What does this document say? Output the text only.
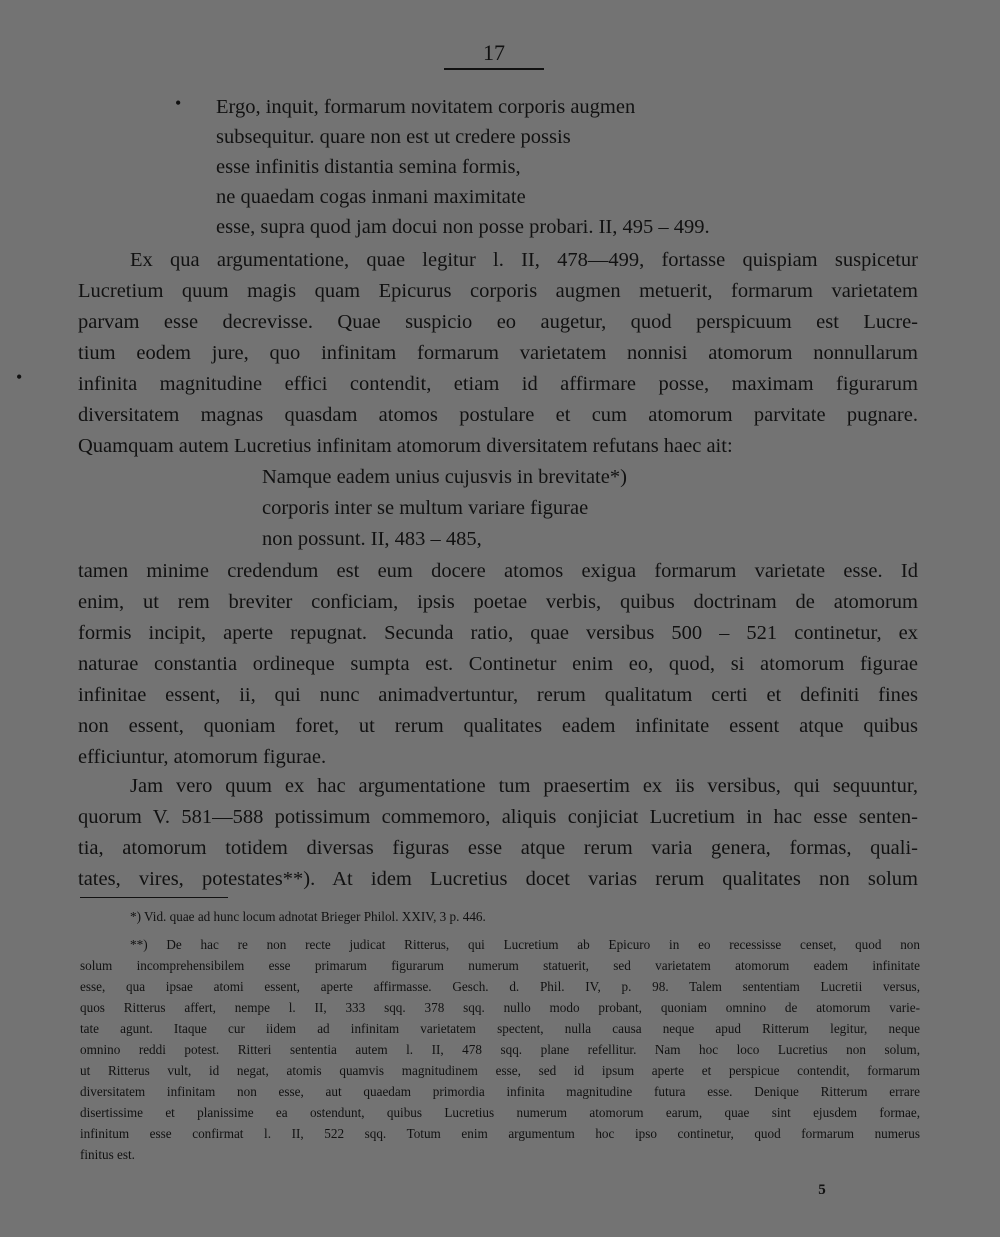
17
• Ergo, inquit, formarum novitatem corporis augmen
subsequitur. quare non est ut credere possis
esse infinitis distantia semina formis,
ne quaedam cogas inmani maximitate
esse, supra quod jam docui non posse probari. II, 495 – 499.
Ex qua argumentatione, quae legitur l. II, 478—499, fortasse quispiam suspicetur
Lucretium quum magis quam Epicurus corporis augmen metuerit, formarum varietatem
parvam esse decrevisse. Quae suspicio eo augetur, quod perspicuum est Lucre-
tium eodem jure, quo infinitam formarum varietatem nonnisi atomorum nonnullarum
infinita magnitudine effici contendit, etiam id affirmare posse, maximam figurarum
diversitatem magnas quasdam atomos postulare et cum atomorum parvitate pugnare.
Quamquam autem Lucretius infinitam atomorum diversitatem refutans haec ait:
•
Namque eadem unius cujusvis in brevitate*)
corporis inter se multum variare figurae
non possunt. II, 483 – 485,
tamen minime credendum est eum docere atomos exigua formarum varietate esse. Id
enim, ut rem breviter conficiam, ipsis poetae verbis, quibus doctrinam de atomorum
formis incipit, aperte repugnat. Secunda ratio, quae versibus 500 – 521 continetur, ex
naturae constantia ordineque sumpta est. Continetur enim eo, quod, si atomorum figurae
infinitae essent, ii, qui nunc animadvertuntur, rerum qualitatum certi et definiti fines
non essent, quoniam foret, ut rerum qualitates eadem infinitate essent atque quibus
efficiuntur, atomorum figurae.
Jam vero quum ex hac argumentatione tum praesertim ex iis versibus, qui sequuntur,
quorum V. 581—588 potissimum commemoro, aliquis conjiciat Lucretium in hac esse senten-
tia, atomorum totidem diversas figuras esse atque rerum varia genera, formas, quali-
tates, vires, potestates**). At idem Lucretius docet varias rerum qualitates non solum
*) Vid. quae ad hunc locum adnotat Brieger Philol. XXIV, 3 p. 446.
**) De hac re non recte judicat Ritterus, qui Lucretium ab Epicuro in eo recessisse censet, quod non
solum incomprehensibilem esse primarum figurarum numerum statuerit, sed varietatem atomorum eadem infinitate
esse, qua ipsae atomi essent, aperte affirmasse. Gesch. d. Phil. IV, p. 98. Talem sententiam Lucretii versus,
quos Ritterus affert, nempe l. II, 333 sqq. 378 sqq. nullo modo probant, quoniam omnino de atomorum varie-
tate agunt. Itaque cur iidem ad infinitam varietatem spectent, nulla causa neque apud Ritterum legitur, neque
omnino reddi potest. Ritteri sententia autem l. II, 478 sqq. plane refellitur. Nam hoc loco Lucretius non solum,
ut Ritterus vult, id negat, atomis quamvis magnitudinem esse, sed id ipsum aperte et perspicue contendit, formarum
diversitatem infinitam non esse, aut quaedam primordia infinita magnitudine futura esse. Denique Ritterum errare
disertissime et planissime ea ostendunt, quibus Lucretius numerum atomorum earum, quae sint ejusdem formae,
infinitum esse confirmat l. II, 522 sqq. Totum enim argumentum hoc ipso continetur, quod formarum numerus
finitus est.
5
